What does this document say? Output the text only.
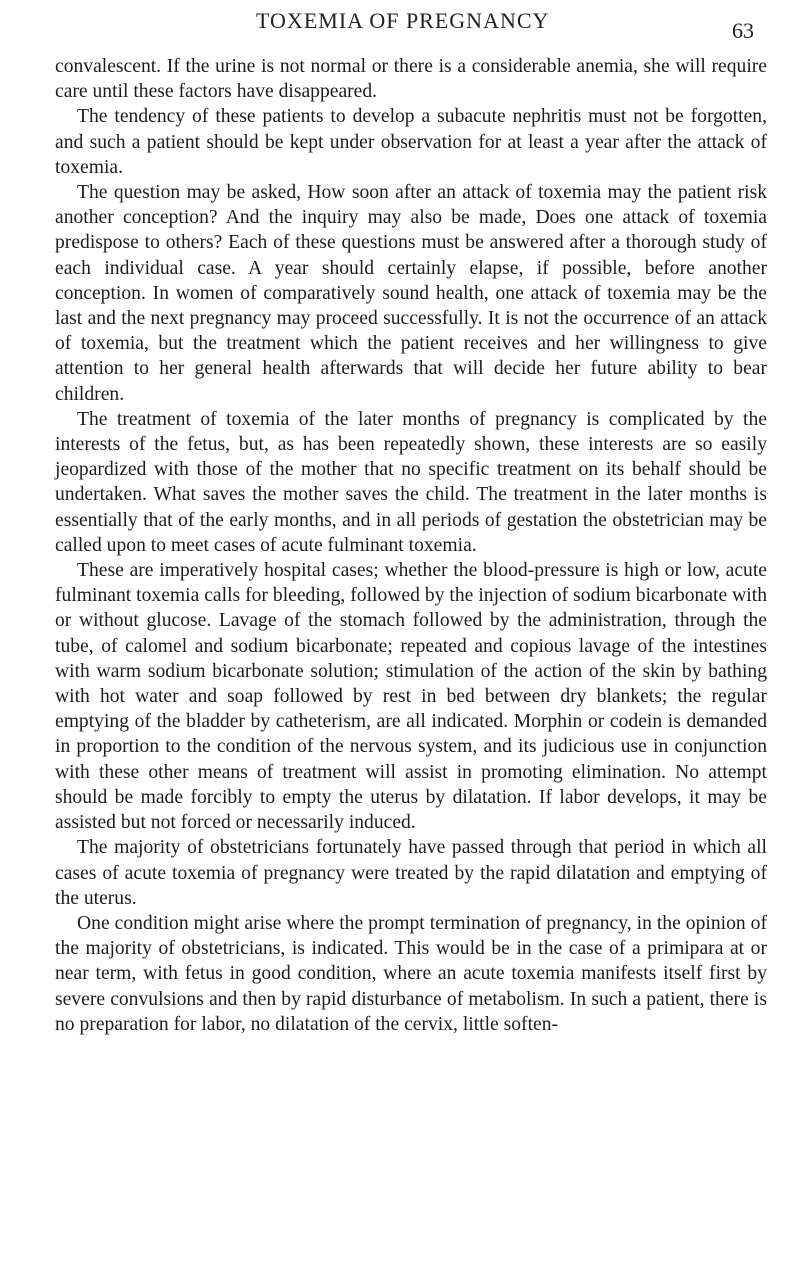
TOXEMIA OF PREGNANCY	63

convalescent. If the urine is not normal or there is a considerable anemia, she will require care until these factors have disappeared.

The tendency of these patients to develop a subacute nephritis must not be forgotten, and such a patient should be kept under observation for at least a year after the attack of toxemia.

The question may be asked, How soon after an attack of toxemia may the patient risk another conception? And the inquiry may also be made, Does one attack of toxemia predispose to others? Each of these questions must be answered after a thorough study of each individual case. A year should certainly elapse, if possible, before another conception. In women of comparatively sound health, one attack of toxemia may be the last and the next pregnancy may proceed successfully. It is not the occurrence of an attack of toxemia, but the treatment which the patient receives and her willingness to give attention to her general health afterwards that will decide her future ability to bear children.

The treatment of toxemia of the later months of pregnancy is complicated by the interests of the fetus, but, as has been repeatedly shown, these interests are so easily jeopardized with those of the mother that no specific treatment on its behalf should be undertaken. What saves the mother saves the child. The treatment in the later months is essentially that of the early months, and in all periods of gestation the obstetrician may be called upon to meet cases of acute fulminant toxemia.

These are imperatively hospital cases; whether the blood-pressure is high or low, acute fulminant toxemia calls for bleeding, followed by the injection of sodium bicarbonate with or without glucose. Lavage of the stomach followed by the administration, through the tube, of calomel and sodium bicarbonate; repeated and copious lavage of the intestines with warm sodium bicarbonate solution; stimulation of the action of the skin by bathing with hot water and soap followed by rest in bed between dry blankets; the regular emptying of the bladder by catheterism, are all indicated. Morphin or codein is demanded in proportion to the condition of the nervous system, and its judicious use in conjunction with these other means of treatment will assist in promoting elimination. No attempt should be made forcibly to empty the uterus by dilatation. If labor develops, it may be assisted but not forced or necessarily induced.

The majority of obstetricians fortunately have passed through that period in which all cases of acute toxemia of pregnancy were treated by the rapid dilatation and emptying of the uterus.

One condition might arise where the prompt termination of pregnancy, in the opinion of the majority of obstetricians, is indicated. This would be in the case of a primipara at or near term, with fetus in good condition, where an acute toxemia manifests itself first by severe convulsions and then by rapid disturbance of metabolism. In such a patient, there is no preparation for labor, no dilatation of the cervix, little soften-
